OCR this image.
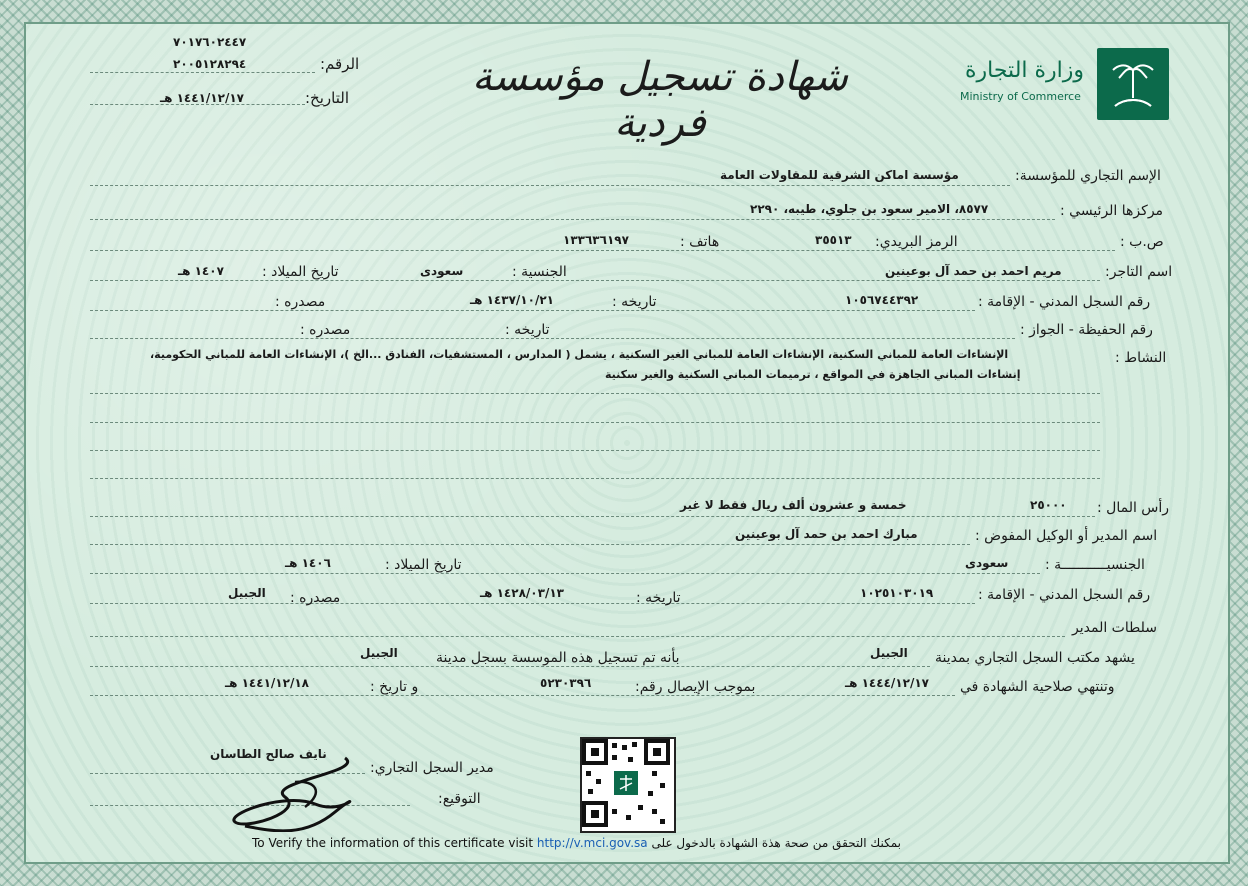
وزارة التجارة
Ministry of Commerce
شهادة تسجيل مؤسسة فردية
٧٠١٧٦٠٢٤٤٧
٢٠٠٥١٢٨٢٩٤	الرقم:
١٤٤١/١٢/١٧ هـ	التاريخ:
الإسم التجاري للمؤسسة:
مؤسسة اماكن الشرقية للمقاولات العامة
مركزها الرئيسي :
٨٥٧٧، الامير سعود بن جلوي، طيبه، ٢٢٩٠
ص.ب :
الرمز البريدي:
٣٥٥١٣
هاتف :
١٣٣٦٣٦١٩٧
اسم التاجر:
مريم احمد بن حمد آل بوعينين
الجنسية :
سعودى
تاريخ الميلاد :
١٤٠٧ هـ
رقم السجل المدني - الإقامة :
١٠٥٦٧٤٤٣٩٢
تاريخه :
١٤٣٧/١٠/٢١ هـ
مصدره :
رقم الحفيظة - الجواز :
تاريخه :
مصدره :
النشاط :
الإنشاءات العامة للمباني السكنية، الإنشاءات العامة للمباني الغير السكنية ، يشمل ( المدارس ، المستشفيات، الفنادق ...الخ )، الإنشاءات العامة للمباني الحكومية،
إنشاءات المباني الجاهزة في المواقع ، ترميمات المباني السكنية والغير سكنية
رأس المال :
٢٥٠٠٠
خمسة و عشرون ألف ريال فقط لا غير
اسم المدير أو الوكيل المفوض :
مبارك احمد بن حمد آل بوعينين
الجنسيـــــــــــة :
سعودى
تاريخ الميلاد :
١٤٠٦ هـ
رقم السجل المدني - الإقامة :
١٠٢٥١٠٣٠١٩
تاريخه :
١٤٢٨/٠٣/١٣ هـ
مصدره :
الجبيل
سلطات المدير
يشهد مكتب السجل التجاري بمدينة
الجبيل
بأنه تم تسجيل هذه الموسسة بسجل مدينة
الجبيل
وتنتهي صلاحية الشهادة في
١٤٤٤/١٢/١٧ هـ
بموجب الإيصال رقم:
٥٢٣٠٣٩٦
و تاريخ :
١٤٤١/١٢/١٨ هـ
نايف صالح الطاسان
مدير السجل التجاري:
التوقيع:
To Verify the information of this certificate visit http://v.mci.gov.sa بمكنك التحقق من صحة هذة الشهادة بالدخول على
